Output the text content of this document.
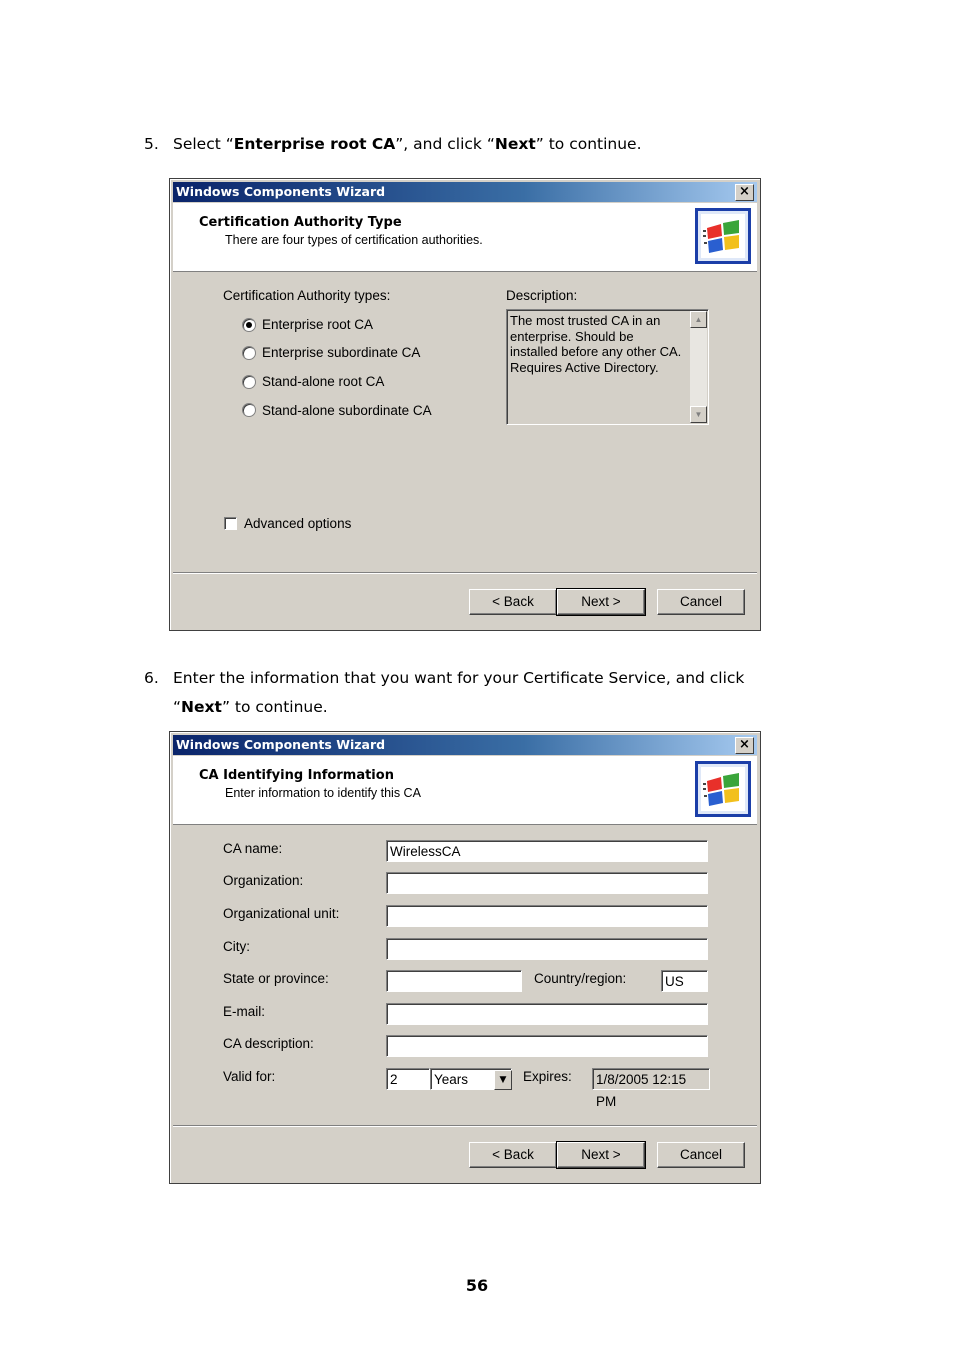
5. Select “Enterprise root CA”, and click “Next” to continue.
Windows Components Wizard	×
Certification Authority Type
There are four types of certification authorities.
Certification Authority types:
Enterprise root CA
Enterprise subordinate CA
Stand-alone root CA
Stand-alone subordinate CA
Description:
The most trusted CA in an enterprise. Should be installed before any other CA. Requires Active Directory.
▲
▼
Advanced options
< Back	Next >	Cancel
6. Enter the information that you want for your Certificate Service, and click
“Next” to continue.
Windows Components Wizard	×
CA Identifying Information
Enter information to identify this CA
CA name:	WirelessCA
Organization:
Organizational unit:
City:
State or province:	Country/region:	US
E-mail:
CA description:
Valid for:	2	Years	▼	Expires: 1/8/2005 12:15 PM
< Back	Next >	Cancel
56
